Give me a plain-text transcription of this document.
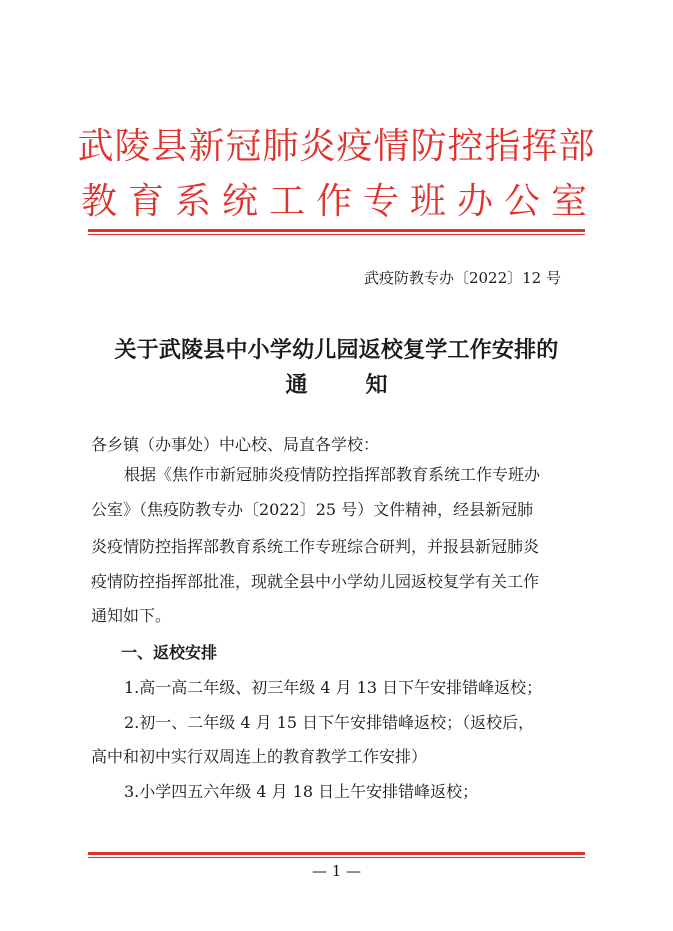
武陵县新冠肺炎疫情防控指挥部
教育系统工作专班办公室
武疫防教专办〔2022〕12 号
关于武陵县中小学幼儿园返校复学工作安排的
通	知
各乡镇（办事处）中心校、局直各学校：
根据《焦作市新冠肺炎疫情防控指挥部教育系统工作专班办
公室》（焦疫防教专办〔2022〕25 号）文件精神，经县新冠肺
炎疫情防控指挥部教育系统工作专班综合研判，并报县新冠肺炎
疫情防控指挥部批准，现就全县中小学幼儿园返校复学有关工作
通知如下。
一、返校安排
1.高一高二年级、初三年级 4 月 13 日下午安排错峰返校；
2.初一、二年级 4 月 15 日下午安排错峰返校；（返校后，
高中和初中实行双周连上的教育教学工作安排）
3.小学四五六年级 4 月 18 日上午安排错峰返校；
— 1 —
